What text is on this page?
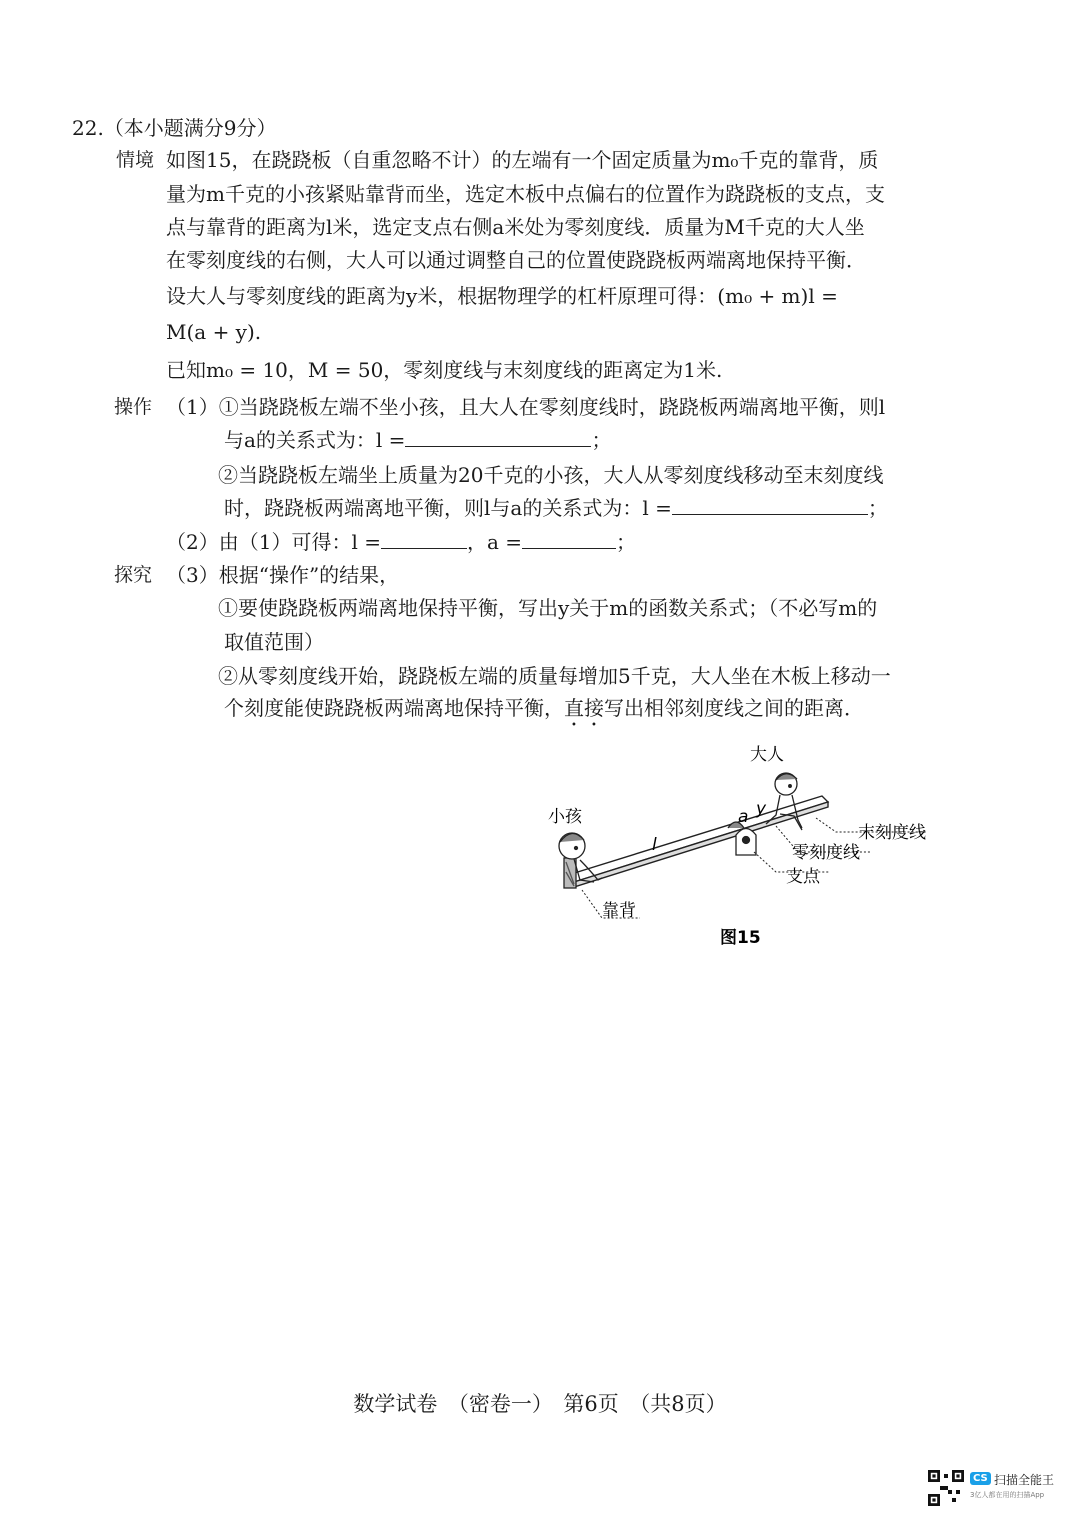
22.（本小题满分9分）
情境 如图15，在跷跷板（自重忽略不计）的左端有一个固定质量为m₀千克的靠背，质
量为m千克的小孩紧贴靠背而坐，选定木板中点偏右的位置作为跷跷板的支点，支
点与靠背的距离为l米，选定支点右侧a米处为零刻度线．质量为M千克的大人坐
在零刻度线的右侧，大人可以通过调整自己的位置使跷跷板两端离地保持平衡．
设大人与零刻度线的距离为y米，根据物理学的杠杆原理可得：(m₀ + m)l =
M(a + y).
已知m₀ = 10，M = 50，零刻度线与末刻度线的距离定为1米.
操作 （1）①当跷跷板左端不坐小孩，且大人在零刻度线时，跷跷板两端离地平衡，则l
与a的关系式为：l =	；
②当跷跷板左端坐上质量为20千克的小孩，大人从零刻度线移动至末刻度线
时，跷跷板两端离地平衡，则l与a的关系式为：l =	；
（2）由（1）可得：l =	，a =	；
探究 （3）根据“操作”的结果，
①要使跷跷板两端离地保持平衡，写出y关于m的函数关系式；（不必写m的
取值范围）
②从零刻度线开始，跷跷板左端的质量每增加5千克，大人坐在木板上移动一
个刻度能使跷跷板两端离地保持平衡，直接写出相邻刻度线之间的距离．
大人
小孩
l
a y
末刻度线
零刻度线
支点
靠背
图15
数学试卷　（密卷一）　第6页　（共8页）
CS 扫描全能王
3亿人都在用的扫描App
